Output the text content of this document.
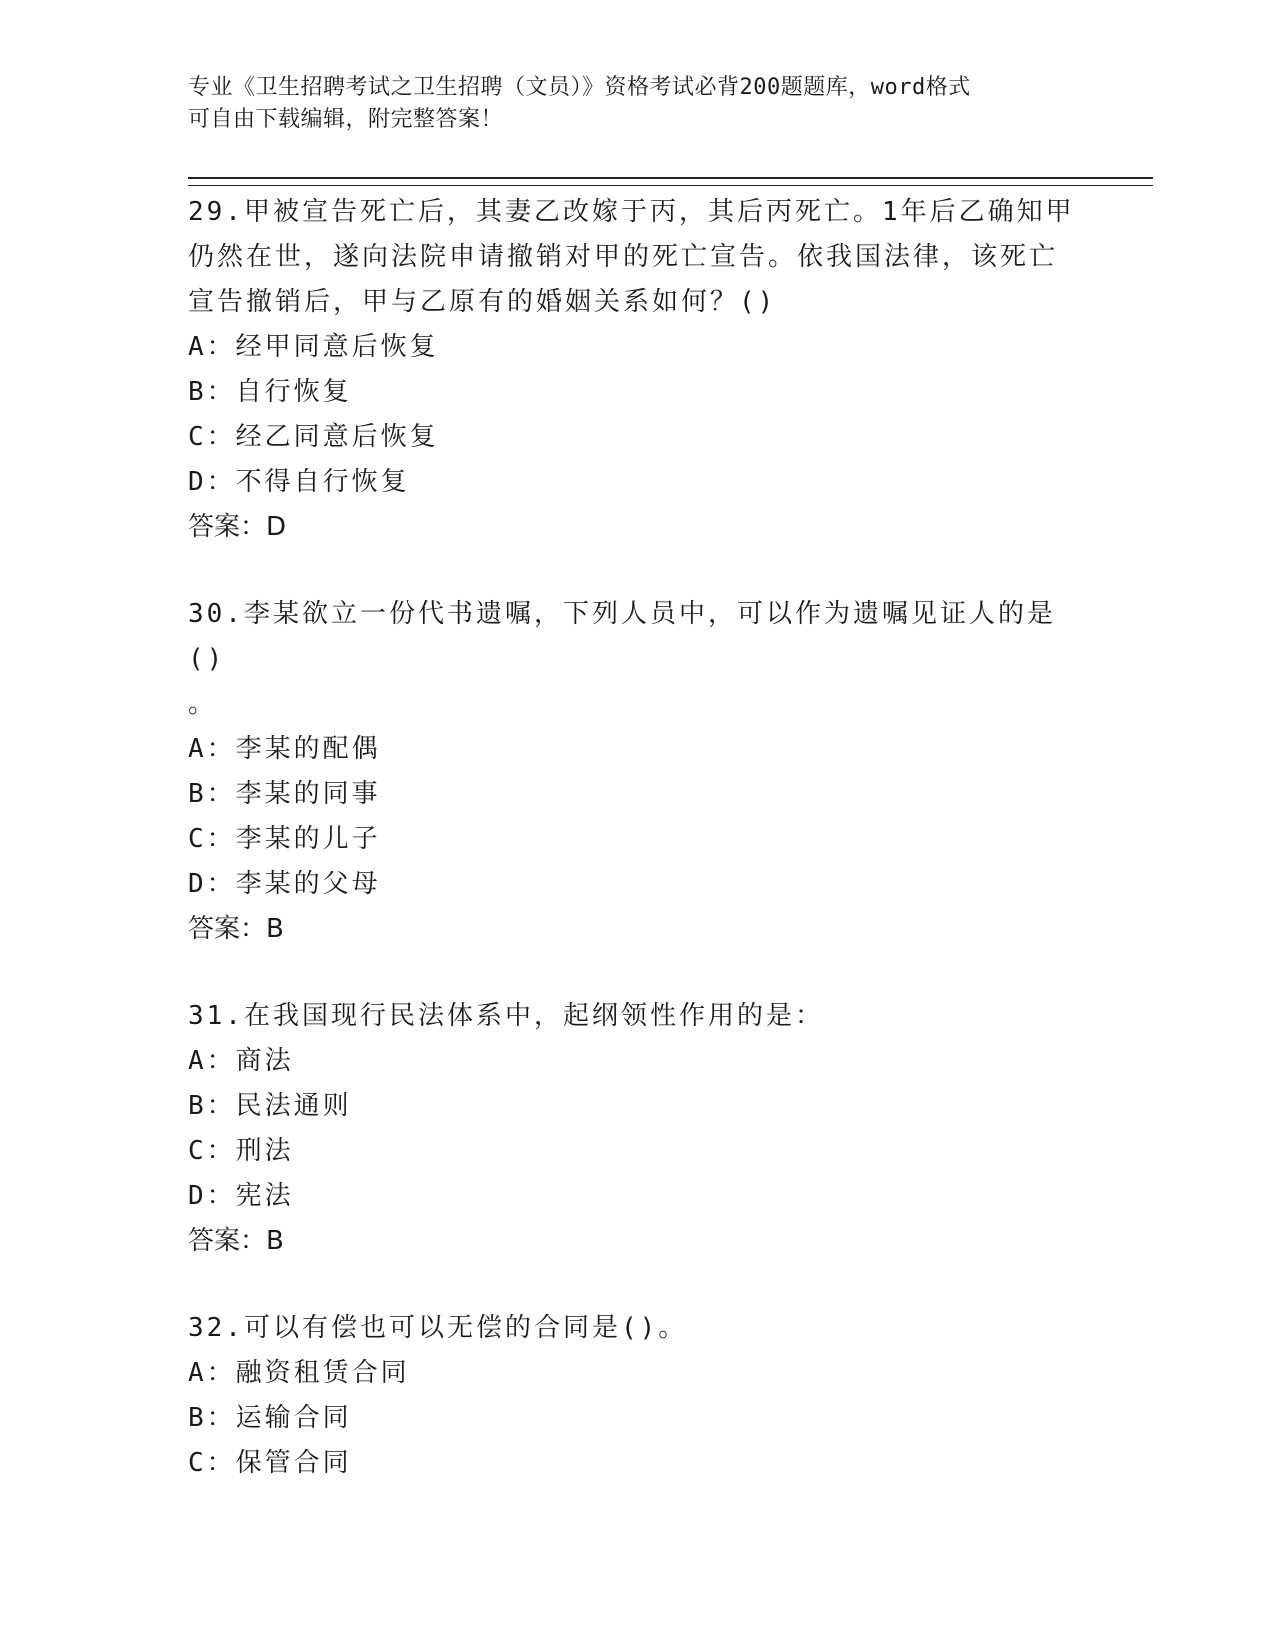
专业《卫生招聘考试之卫生招聘（文员）》资格考试必背200题题库，word格式
可自由下载编辑，附完整答案！

29.甲被宣告死亡后，其妻乙改嫁于丙，其后丙死亡。1年后乙确知甲

仍然在世，遂向法院申请撤销对甲的死亡宣告。依我国法律，该死亡

宣告撤销后，甲与乙原有的婚姻关系如何？()

A：经甲同意后恢复

B：自行恢复

C：经乙同意后恢复

D：不得自行恢复

答案：D

30.李某欲立一份代书遗嘱，下列人员中，可以作为遗嘱见证人的是()

。

A：李某的配偶

B：李某的同事

C：李某的儿子

D：李某的父母

答案：B

31.在我国现行民法体系中，起纲领性作用的是：

A：商法

B：民法通则

C：刑法

D：宪法

答案：B

32.可以有偿也可以无偿的合同是()。

A：融资租赁合同

B：运输合同

C：保管合同
